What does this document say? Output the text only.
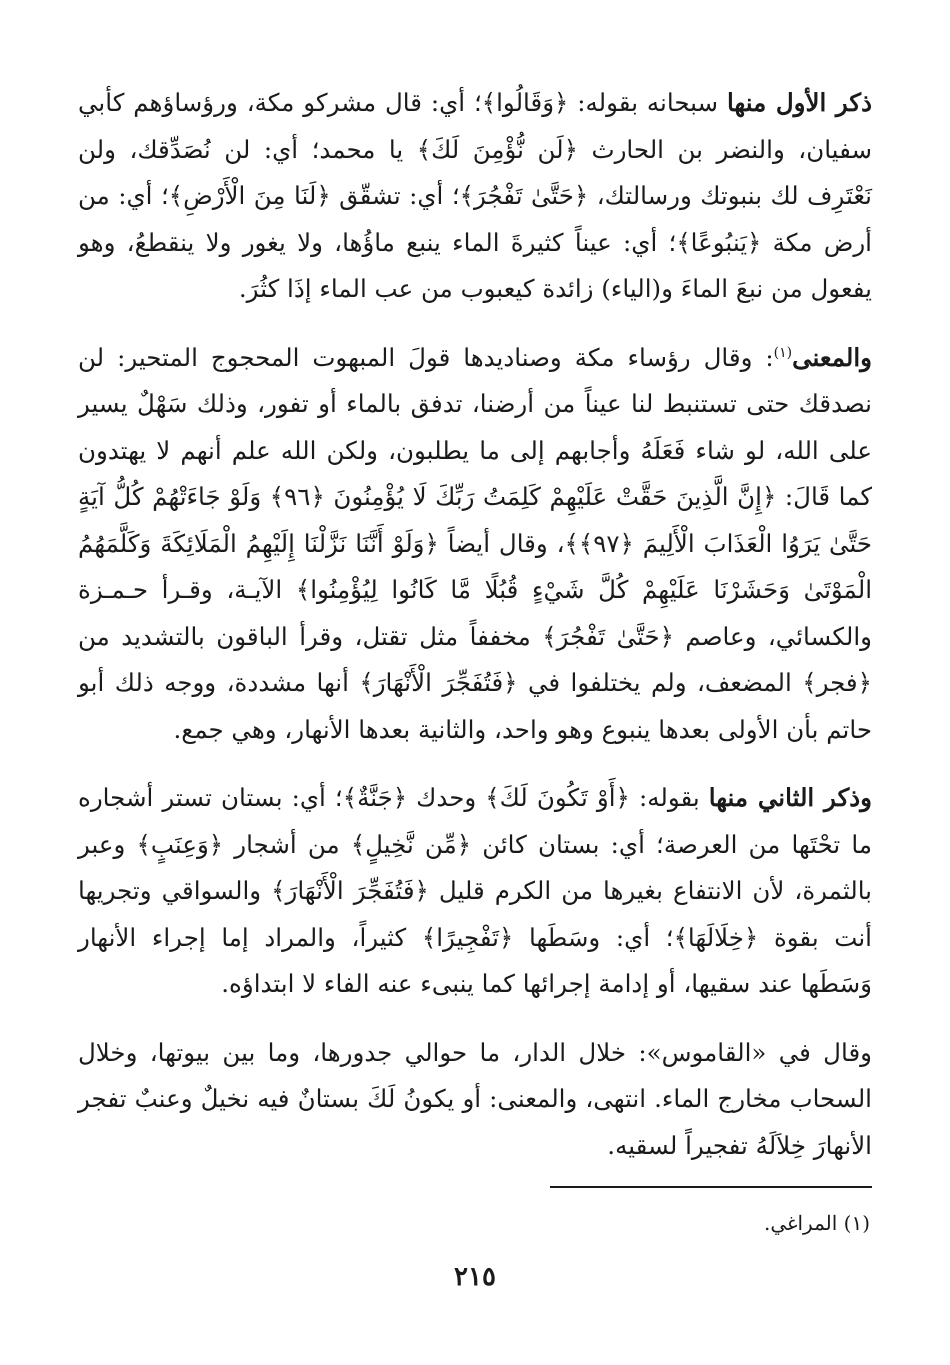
ذكر الأول منها سبحانه بقوله: ﴿وَقَالُوا﴾؛ أي: قال مشركو مكة، ورؤساؤهم كأبي سفيان، والنضر بن الحارث ﴿لَن نُّؤْمِنَ لَكَ﴾ يا محمد؛ أي: لن نُصَدِّقك، ولن نَعْتَرِف لك بنبوتك ورسالتك، ﴿حَتَّىٰ تَفْجُرَ﴾؛ أي: تشقّق ﴿لَنَا مِنَ الْأَرْضِ﴾؛ أي: من أرض مكة ﴿يَنبُوعًا﴾؛ أي: عيناً كثيرةَ الماء ينبع ماؤُها، ولا يغور ولا ينقطعُ، وهو يفعول من نبعَ الماءَ و(الياء) زائدة كيعبوب من عب الماء إذَا كثُرَ.

والمعنى$^{(١)}$: وقال رؤساء مكة وصناديدها قولَ المبهوت المحجوج المتحير: لن نصدقك حتى تستنبط لنا عيناً من أرضنا، تدفق بالماء أو تفور، وذلك سَهْلٌ يسير على الله، لو شاء فَعَلَهُ وأجابهم إلى ما يطلبون، ولكن الله علم أنهم لا يهتدون كما قَالَ: ﴿إِنَّ الَّذِينَ حَقَّتْ عَلَيْهِمْ كَلِمَتُ رَبِّكَ لَا يُؤْمِنُونَ ﴿٩٦﴾ وَلَوْ جَاءَتْهُمْ كُلُّ آيَةٍ حَتَّىٰ يَرَوُا الْعَذَابَ الْأَلِيمَ ﴿٩٧﴾﴾، وقال أيضاً ﴿وَلَوْ أَنَّنَا نَزَّلْنَا إِلَيْهِمُ الْمَلَائِكَةَ وَكَلَّمَهُمُ الْمَوْتَىٰ وَحَشَرْنَا عَلَيْهِمْ كُلَّ شَيْءٍ قُبُلًا مَّا كَانُوا لِيُؤْمِنُوا﴾ الآيـة، وقـرأ حـمـزة والكسائي، وعاصم ﴿حَتَّىٰ تَفْجُرَ﴾ مخففاً مثل تقتل، وقرأ الباقون بالتشديد من ﴿فجر﴾ المضعف، ولم يختلفوا في ﴿فَتُفَجِّرَ الْأَنْهَارَ﴾ أنها مشددة، ووجه ذلك أبو حاتم بأن الأولى بعدها ينبوع وهو واحد، والثانية بعدها الأنهار، وهي جمع.

وذكر الثاني منها بقوله: ﴿أَوْ تَكُونَ لَكَ﴾ وحدك ﴿جَنَّةٌ﴾؛ أي: بستان تستر أشجاره ما تحْتَها من العرصة؛ أي: بستان كائن ﴿مِّن نَّخِيلٍ﴾ من أشجار ﴿وَعِنَبٍ﴾ وعبر بالثمرة، لأن الانتفاع بغيرها من الكرم قليل ﴿فَتُفَجِّرَ الْأَنْهَارَ﴾ والسواقي وتجريها أنت بقوة ﴿خِلَالَهَا﴾؛ أي: وسَطَها ﴿تَفْجِيرًا﴾ كثيراً، والمراد إما إجراء الأنهار وَسَطَها عند سقيها، أو إدامة إجرائها كما ينبىء عنه الفاء لا ابتداؤه.

وقال في «القاموس»: خلال الدار، ما حوالي جدورها، وما بين بيوتها، وخلال السحاب مخارج الماء. انتهى، والمعنى: أو يكونُ لَكَ بستانٌ فيه نخيلٌ وعنبٌ تفجر الأنهارَ خِلاَلَهُ تفجيراً لسقيه.

(١) المراغي.
٢١٥
